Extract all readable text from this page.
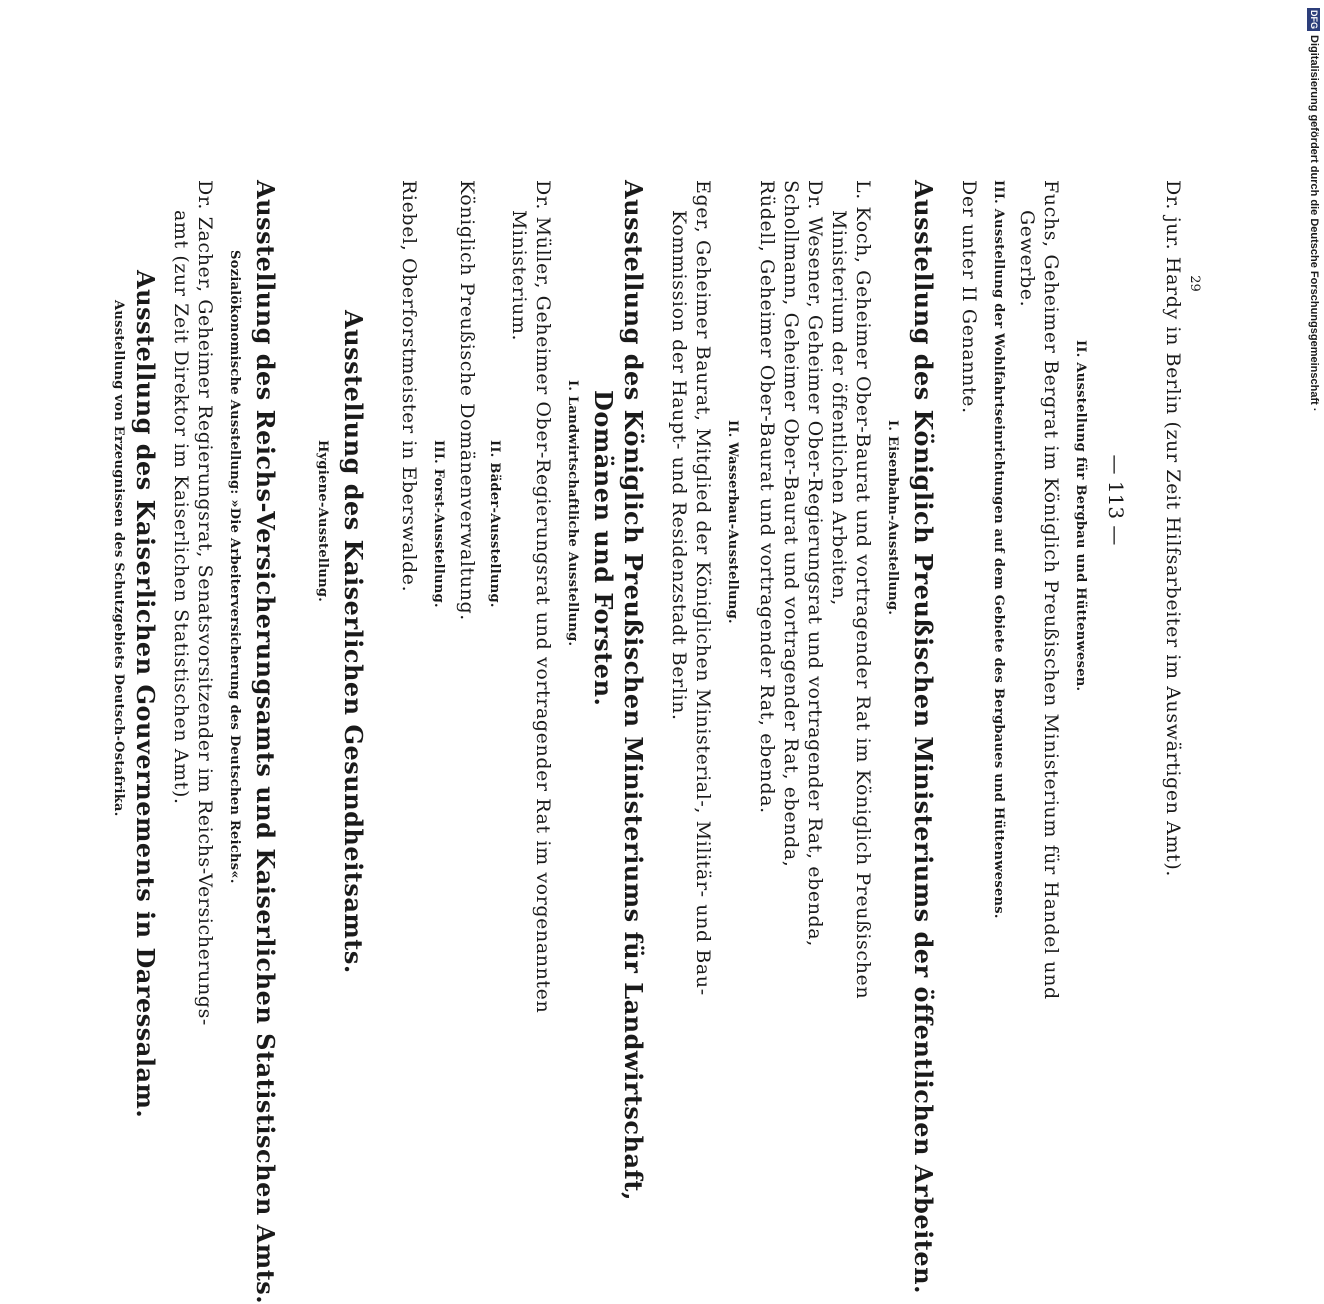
— 113 —
II. Ausstellung für Bergbau und Hüttenwesen.
Fuchs, Geheimer Bergrat im Königlich Preußischen Ministerium für Handel und
Gewerbe.
III. Ausstellung der Wohlfahrtseinrichtungen auf dem Gebiete des Bergbaues und Hüttenwesens.
Der unter II Genannte.
Ausstellung des Königlich Preußischen Ministeriums der öffentlichen Arbeiten.
I. Eisenbahn-Ausstellung.
L. Koch, Geheimer Ober-Baurat und vortragender Rat im Königlich Preußischen
Ministerium der öffentlichen Arbeiten,
Dr. Wesener, Geheimer Ober-Regierungsrat und vortragender Rat, ebenda,
Schollmann, Geheimer Ober-Baurat und vortragender Rat, ebenda,
Rüdell, Geheimer Ober-Baurat und vortragender Rat, ebenda.
II. Wasserbau-Ausstellung.
Eger, Geheimer Baurat, Mitglied der Königlichen Ministerial-, Militär- und Bau-
Kommission der Haupt- und Residenzstadt Berlin.
Ausstellung des Königlich Preußischen Ministeriums für Landwirtschaft,
Domänen und Forsten.
I. Landwirtschaftliche Ausstellung.
Dr. Müller, Geheimer Ober-Regierungsrat und vortragender Rat im vorgenannten
Ministerium.
II. Bäder-Ausstellung.
Königlich Preußische Domänenverwaltung.
III. Forst-Ausstellung.
Riebel, Oberforstmeister in Eberswalde.
Ausstellung des Kaiserlichen Gesundheitsamts.
Hygiene-Ausstellung.
Ausstellung des Reichs-Versicherungsamts und Kaiserlichen Statistischen Amts.
Sozialökonomische Ausstellung: »Die Arbeiterversicherung des Deutschen Reichs«.
Dr. Zacher, Geheimer Regierungsrat, Senatsvorsitzender im Reichs-Versicherungs-
amt (zur Zeit Direktor im Kaiserlichen Statistischen Amt).
Ausstellung des Kaiserlichen Gouvernements in Daressalam.
Ausstellung von Erzeugnissen des Schutzgebiets Deutsch-Ostafrika.	Dr. jur. Hardy in Berlin (zur Zeit Hilfsarbeiter im Auswärtigen Amt). 29
DFG
Digitalisierung gefördert durch die Deutsche Forschungsgemeinschaft ·
